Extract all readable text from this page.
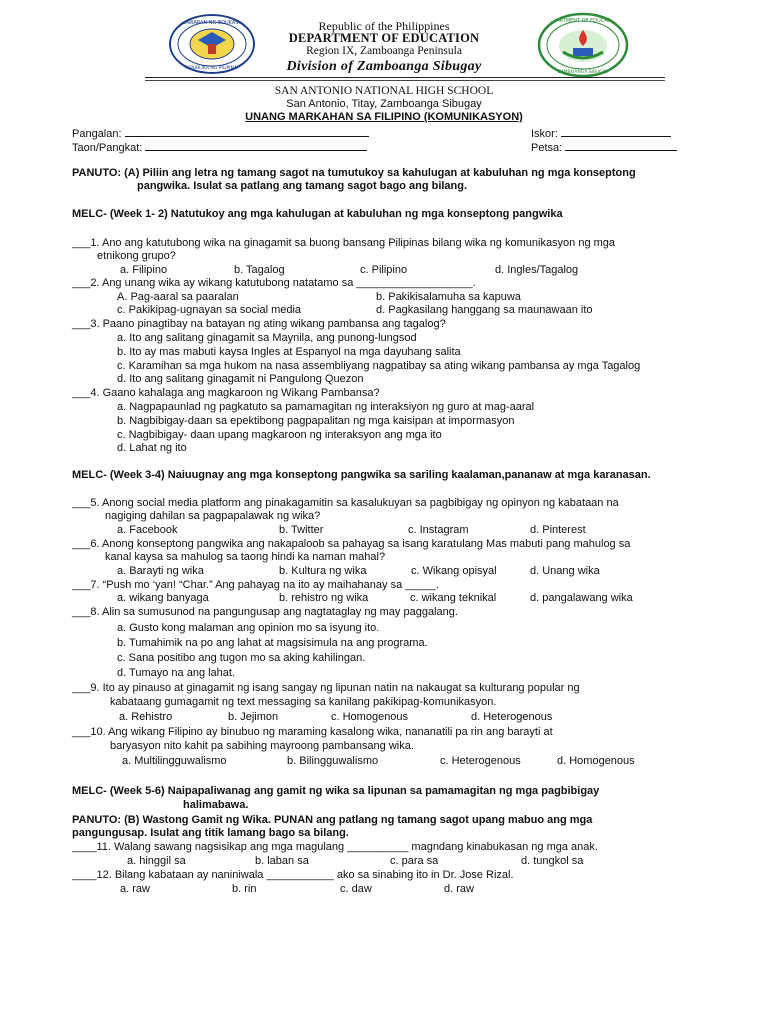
KAGAWARAN NG EDUKASYON
REPUBLIKA NG PILIPINAS
DEPARTMENT OF EDUCATION
ZAMBOANGA SIBUGAY
Republic of the Philippines
DEPARTMENT OF EDUCATION
Region IX, Zamboanga Peninsula
Division of Zamboanga Sibugay
SAN ANTONIO NATIONAL HIGH SCHOOL
San Antonio, Titay, Zamboanga Sibugay
UNANG MARKAHAN SA FILIPINO (KOMUNIKASYON)
Pangalan:	Iskor:
Taon/Pangkat:	Petsa:
PANUTO: (A) Piliin ang letra ng tamang sagot na tumutukoy sa kahulugan at kabuluhan ng mga konseptong
pangwika. Isulat sa patlang ang tamang sagot bago ang bilang.
MELC- (Week 1- 2) Natutukoy ang mga kahulugan at kabuluhan ng mga konseptong pangwika
___1. Ano ang katutubong wika na ginagamit sa buong bansang Pilipinas bilang wika ng komunikasyon ng mga
etnikong grupo?
a. Filipino	b. Tagalog	c. Pilipino	d. Ingles/Tagalog
___2. Ang unang wika ay wikang katutubong natatamo sa ___________________.
A. Pag-aaral sa paaralan	b. Pakikisalamuha sa kapuwa
c. Pakikipag-ugnayan sa social media	d. Pagkasilang hanggang sa maunawaan ito
___3. Paano pinagtibay na batayan ng ating wikang pambansa ang tagalog?
a. Ito ang salitang ginagamit sa Maynila, ang punong-lungsod
b. Ito ay mas mabuti kaysa Ingles at Espanyol na mga dayuhang salita
c. Karamihan sa mga hukom na nasa assembliyang nagpatibay sa ating wikang pambansa ay mga Tagalog
d. Ito ang salitang ginagamit ni Pangulong Quezon
___4. Gaano kahalaga ang magkaroon ng Wikang Pambansa?
a. Nagpapaunlad ng pagkatuto sa pamamagitan ng interaksiyon ng guro at mag-aaral
b. Nagbibigay-daan sa epektibong pagpapalitan ng mga kaisipan at impormasyon
c. Nagbibigay- daan upang magkaroon ng interaksyon ang mga ito
d. Lahat ng ito
MELC- (Week 3-4) Naiuugnay ang mga konseptong pangwika sa sariling kaalaman,pananaw at mga karanasan.
___5. Anong social media platform ang pinakagamitin sa kasalukuyan sa pagbibigay ng opinyon ng kabataan na
nagiging dahilan sa pagpapalawak ng wika?
a. Facebook	b. Twitter	c. Instagram	d. Pinterest
___6. Anong konseptong pangwika ang nakapaloob sa pahayag sa isang karatulang Mas mabuti pang mahulog sa
kanal kaysa sa mahulog sa taong hindi ka naman mahal?
a. Barayti ng wika	b. Kultura ng wika	c. Wikang opisyal	d. Unang wika
___7. “Push mo ‘yan! “Char.” Ang pahayag na ito ay maihahanay sa _____.
a. wikang banyaga	b. rehistro ng wika	c. wikang teknikal	d. pangalawang wika
___8. Alin sa sumusunod na pangungusap ang nagtataglay ng may paggalang.
a. Gusto kong malaman ang opinion mo sa isyung ito.
b. Tumahimik na po ang lahat at magsisimula na ang programa.
c. Sana positibo ang tugon mo sa aking kahilingan.
d. Tumayo na ang lahat.
___9. Ito ay pinauso at ginagamit ng isang sangay ng lipunan natin na nakaugat sa kulturang popular ng
kabataang gumagamit ng text messaging sa kanilang pakikipag-komunikasyon.
a. Rehistro	b. Jejimon	c. Homogenous	d. Heterogenous
___10. Ang wikang Filipino ay binubuo ng maraming kasalong wika, nananatili pa rin ang barayti at
baryasyon nito kahit pa sabihing mayroong pambansang wika.
a. Multilingguwalismo	b. Bilingguwalismo	c. Heterogenous	d. Homogenous
MELC- (Week 5-6) Naipapaliwanag ang gamit ng wika sa lipunan sa pamamagitan ng mga pagbibigay
halimabawa.
PANUTO: (B) Wastong Gamit ng Wika. PUNAN ang patlang ng tamang sagot upang mabuo ang mga
pangungusap. Isulat ang titik lamang bago sa bilang.
____11. Walang sawang nagsisikap ang mga magulang __________ magndang kinabukasan ng mga anak.
a. hinggil sa	b. laban sa	c. para sa	d. tungkol sa
____12. Bilang kabataan ay naniniwala ___________ ako sa sinabing ito in Dr. Jose Rizal.
a. raw	b. rin	c. daw	d. raw
